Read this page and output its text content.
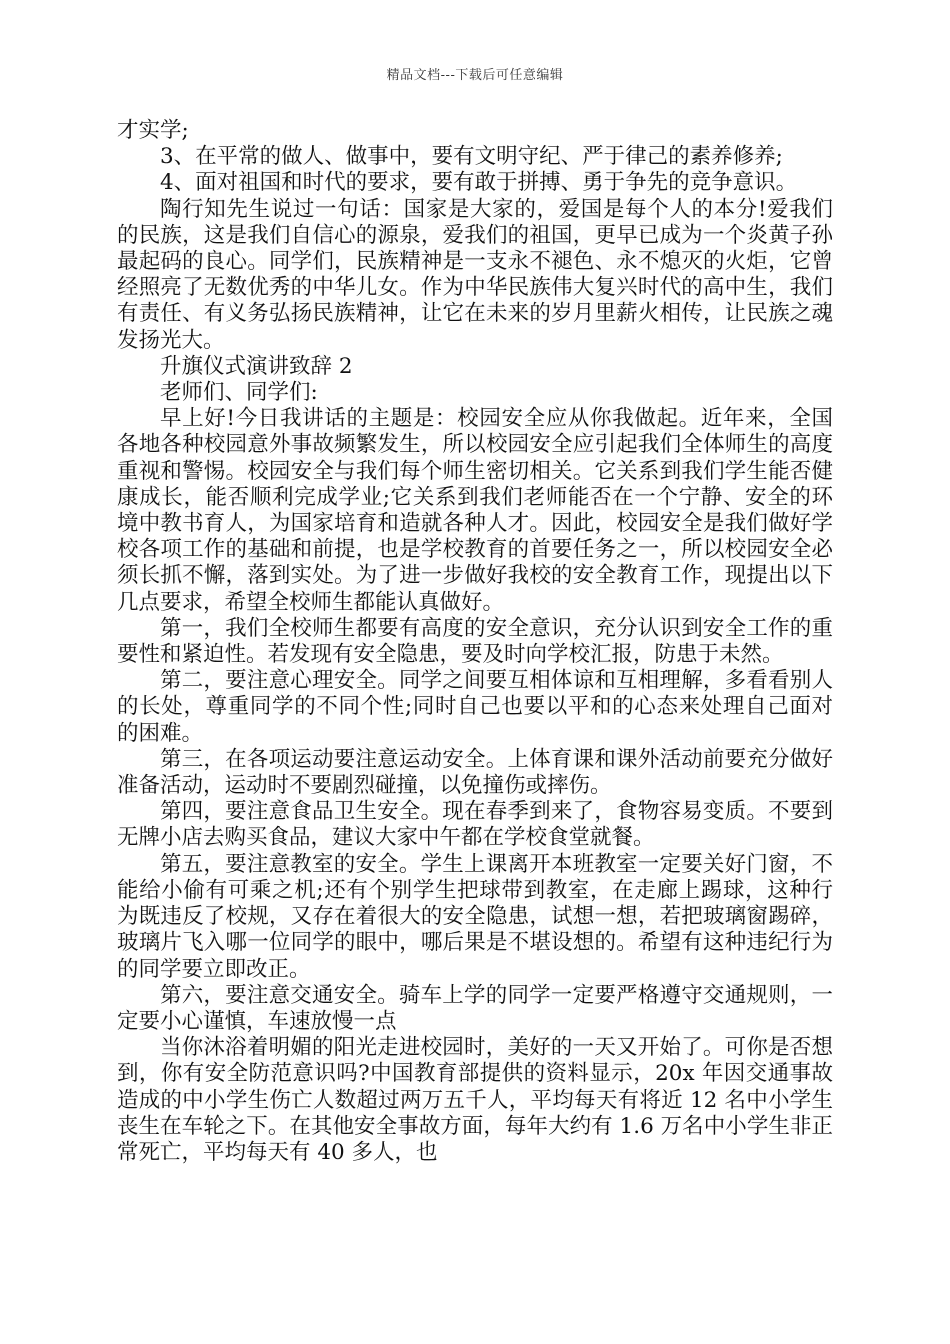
精品文档---下载后可任意编辑

才实学;

3、在平常的做人、做事中，要有文明守纪、严于律己的素养修养;

4、面对祖国和时代的要求，要有敢于拼搏、勇于争先的竞争意识。

陶行知先生说过一句话：国家是大家的，爱国是每个人的本分!爱我们的民族，这是我们自信心的源泉，爱我们的祖国，更早已成为一个炎黄子孙最起码的良心。同学们，民族精神是一支永不褪色、永不熄灭的火炬，它曾经照亮了无数优秀的中华儿女。作为中华民族伟大复兴时代的高中生，我们有责任、有义务弘扬民族精神，让它在未来的岁月里薪火相传，让民族之魂发扬光大。

升旗仪式演讲致辞 2

老师们、同学们:

早上好!今日我讲话的主题是：校园安全应从你我做起。近年来，全国各地各种校园意外事故频繁发生，所以校园安全应引起我们全体师生的高度重视和警惕。校园安全与我们每个师生密切相关。它关系到我们学生能否健康成长，能否顺利完成学业;它关系到我们老师能否在一个宁静、安全的环境中教书育人，为国家培育和造就各种人才。因此，校园安全是我们做好学校各项工作的基础和前提，也是学校教育的首要任务之一，所以校园安全必须长抓不懈，落到实处。为了进一步做好我校的安全教育工作，现提出以下几点要求，希望全校师生都能认真做好。

第一，我们全校师生都要有高度的安全意识，充分认识到安全工作的重要性和紧迫性。若发现有安全隐患，要及时向学校汇报，防患于未然。

第二，要注意心理安全。同学之间要互相体谅和互相理解，多看看别人的长处，尊重同学的不同个性;同时自己也要以平和的心态来处理自己面对的困难。

第三，在各项运动要注意运动安全。上体育课和课外活动前要充分做好准备活动，运动时不要剧烈碰撞，以免撞伤或摔伤。

第四，要注意食品卫生安全。现在春季到来了，食物容易变质。不要到无牌小店去购买食品，建议大家中午都在学校食堂就餐。

第五，要注意教室的安全。学生上课离开本班教室一定要关好门窗，不能给小偷有可乘之机;还有个别学生把球带到教室，在走廊上踢球，这种行为既违反了校规，又存在着很大的安全隐患，试想一想，若把玻璃窗踢碎，玻璃片飞入哪一位同学的眼中，哪后果是不堪设想的。希望有这种违纪行为的同学要立即改正。

第六，要注意交通安全。骑车上学的同学一定要严格遵守交通规则，一定要小心谨慎，车速放慢一点

当你沐浴着明媚的阳光走进校园时，美好的一天又开始了。可你是否想到，你有安全防范意识吗?中国教育部提供的资料显示，20x 年因交通事故造成的中小学生伤亡人数超过两万五千人，平均每天有将近 12 名中小学生丧生在车轮之下。在其他安全事故方面，每年大约有 1.6 万名中小学生非正常死亡，平均每天有 40 多人，也
